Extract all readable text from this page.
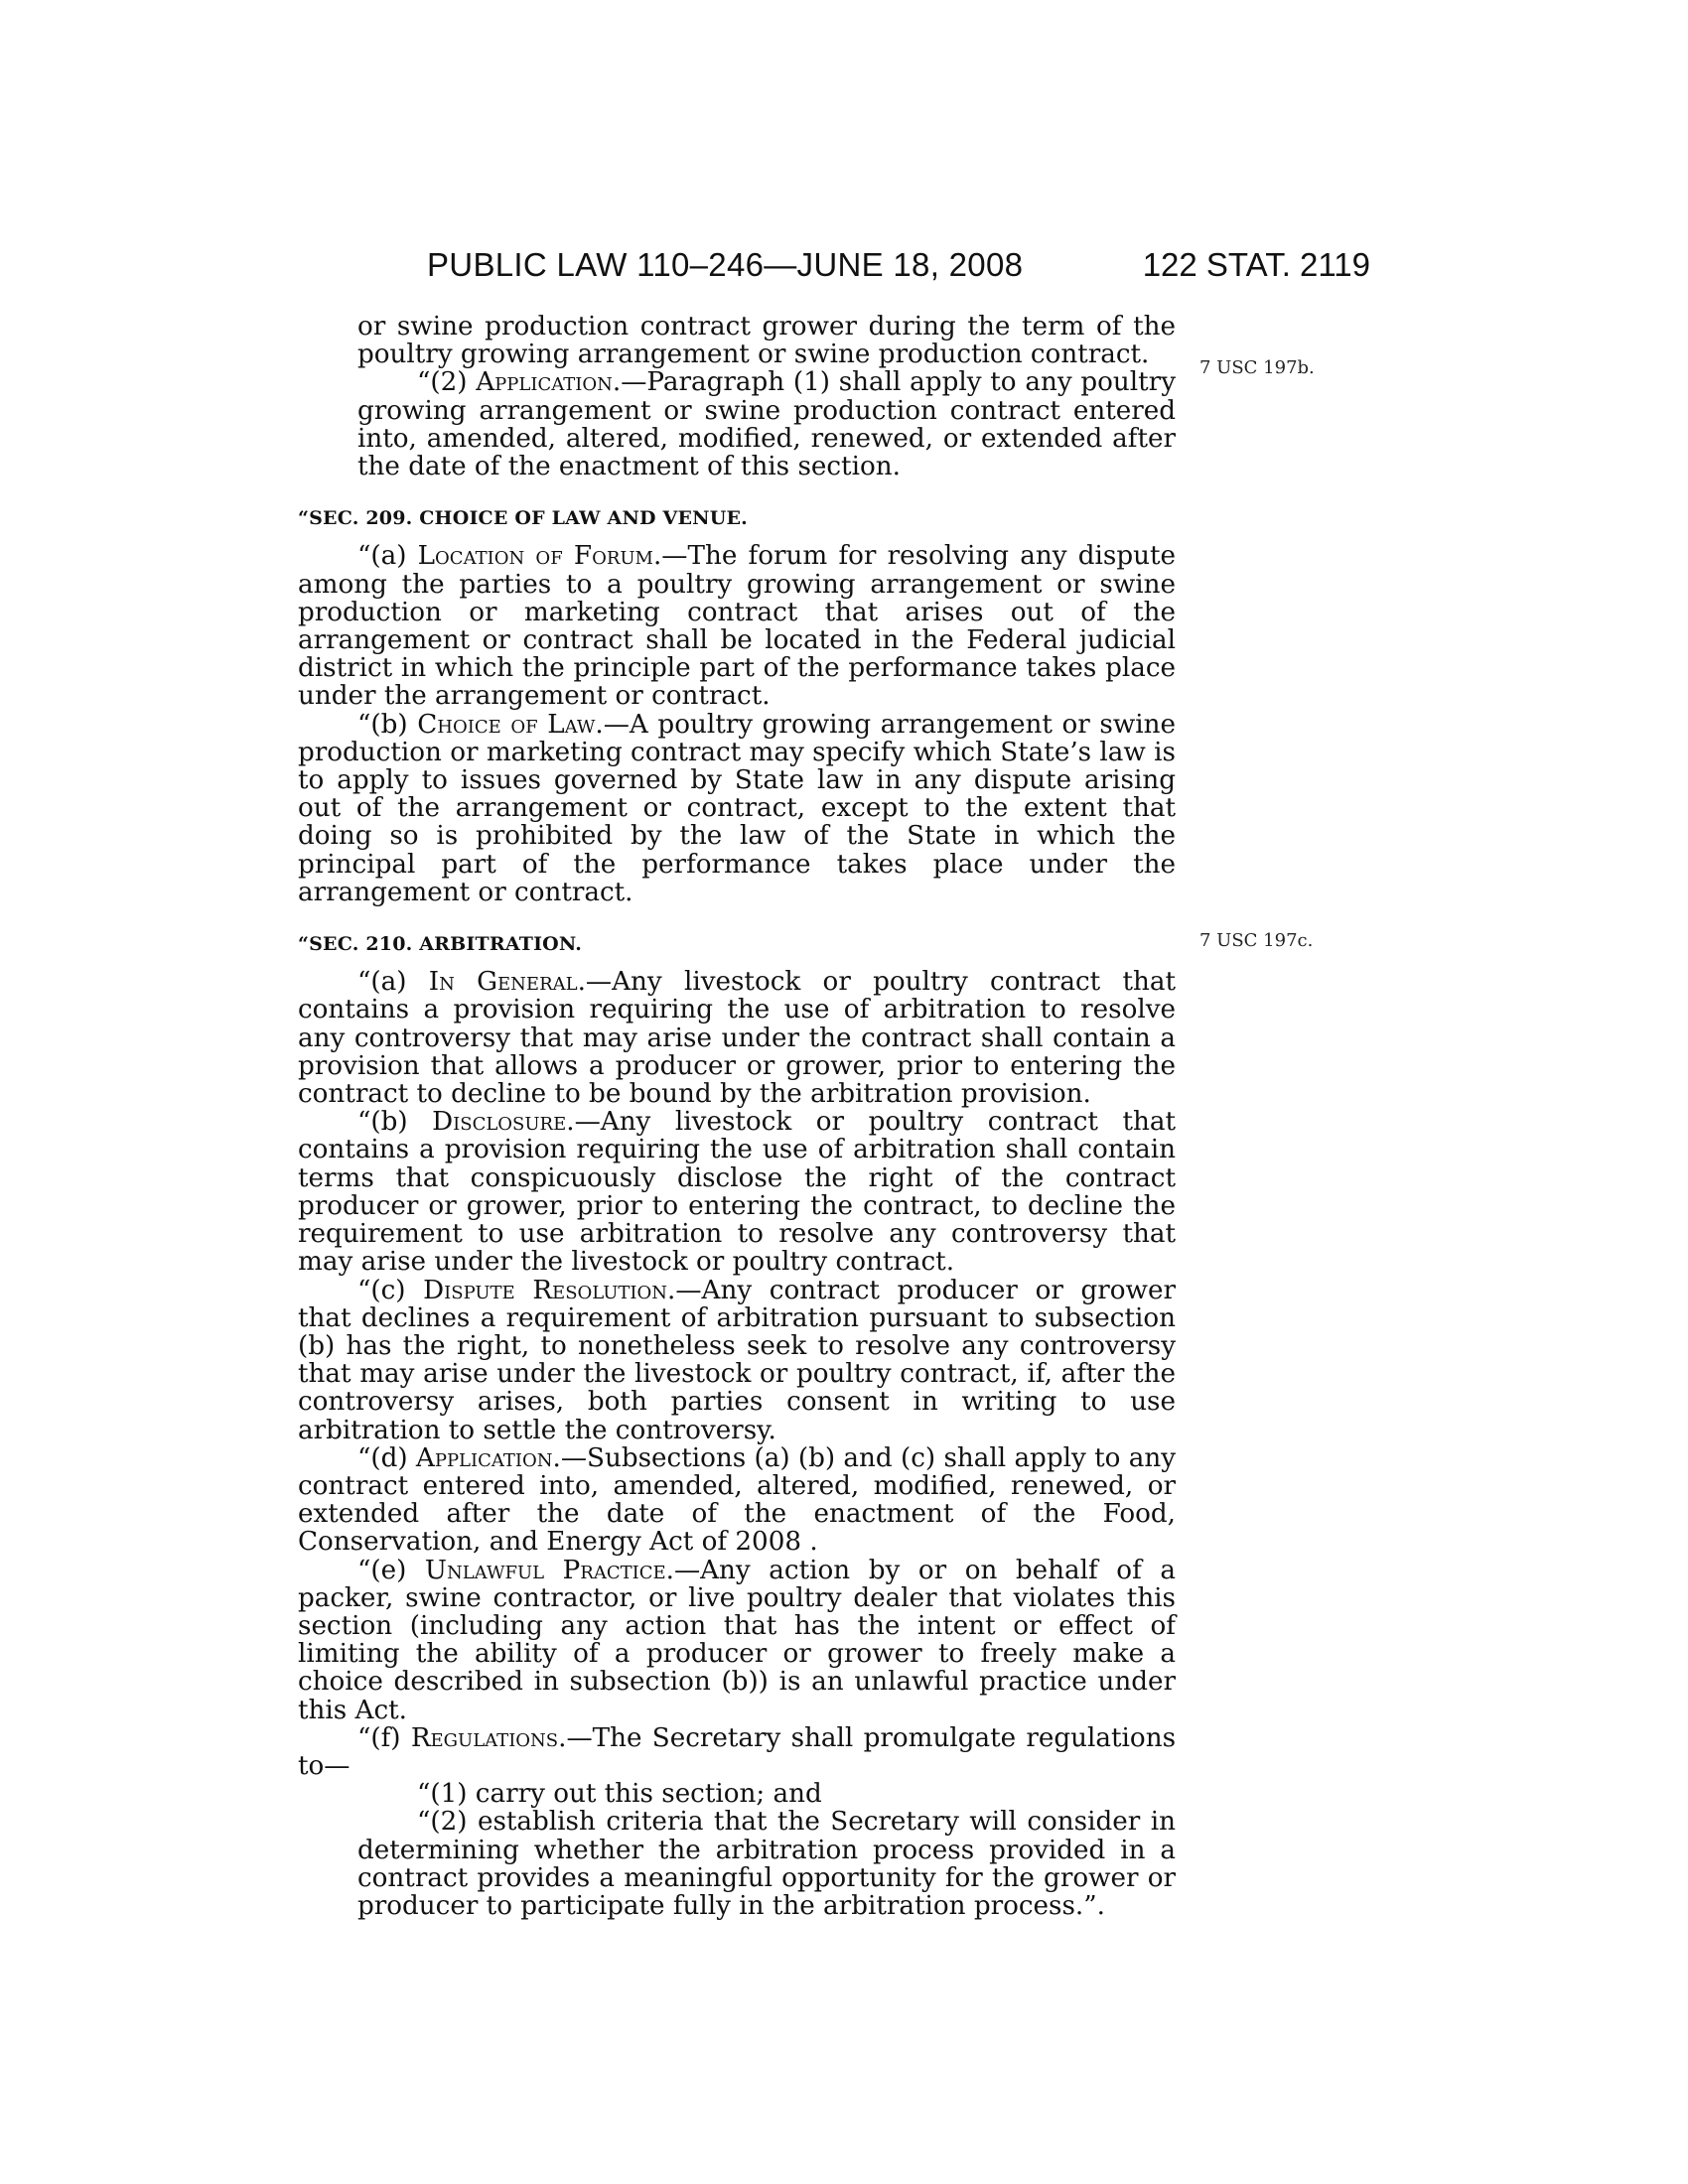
PUBLIC LAW 110–246—JUNE 18, 2008	122 STAT. 2119
7 USC 197b.
7 USC 197c.

or swine production contract grower during the term of the poultry growing arrangement or swine production contract.

“(2) Application.—Paragraph (1) shall apply to any poultry growing arrangement or swine production contract entered into, amended, altered, modified, renewed, or extended after the date of the enactment of this section.

“SEC. 209. CHOICE OF LAW AND VENUE.

“(a) Location of Forum.—The forum for resolving any dispute among the parties to a poultry growing arrangement or swine production or marketing contract that arises out of the arrangement or contract shall be located in the Federal judicial district in which the principle part of the performance takes place under the arrangement or contract.

“(b) Choice of Law.—A poultry growing arrangement or swine production or marketing contract may specify which State’s law is to apply to issues governed by State law in any dispute arising out of the arrangement or contract, except to the extent that doing so is prohibited by the law of the State in which the principal part of the performance takes place under the arrangement or contract.

“SEC. 210. ARBITRATION.

“(a) In General.—Any livestock or poultry contract that contains a provision requiring the use of arbitration to resolve any controversy that may arise under the contract shall contain a provision that allows a producer or grower, prior to entering the contract to decline to be bound by the arbitration provision.

“(b) Disclosure.—Any livestock or poultry contract that contains a provision requiring the use of arbitration shall contain terms that conspicuously disclose the right of the contract producer or grower, prior to entering the contract, to decline the requirement to use arbitration to resolve any controversy that may arise under the livestock or poultry contract.

“(c) Dispute Resolution.—Any contract producer or grower that declines a requirement of arbitration pursuant to subsection (b) has the right, to nonetheless seek to resolve any controversy that may arise under the livestock or poultry contract, if, after the controversy arises, both parties consent in writing to use arbitration to settle the controversy.

“(d) Application.—Subsections (a) (b) and (c) shall apply to any contract entered into, amended, altered, modified, renewed, or extended after the date of the enactment of the Food, Conservation, and Energy Act of 2008 .

“(e) Unlawful Practice.—Any action by or on behalf of a packer, swine contractor, or live poultry dealer that violates this section (including any action that has the intent or effect of limiting the ability of a producer or grower to freely make a choice described in subsection (b)) is an unlawful practice under this Act.

“(f) Regulations.—The Secretary shall promulgate regulations to—

“(1) carry out this section; and

“(2) establish criteria that the Secretary will consider in determining whether the arbitration process provided in a contract provides a meaningful opportunity for the grower or producer to participate fully in the arbitration process.”.
